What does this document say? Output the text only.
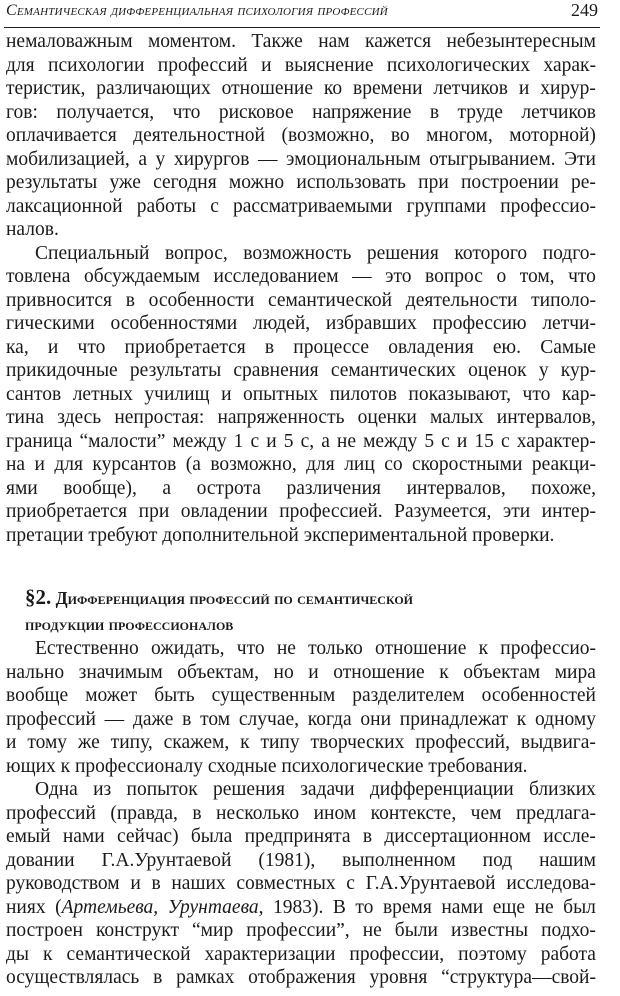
Семантическая дифференциальная психология профессий	249
немаловажным моментом. Также нам кажется небезынтересным
для психологии профессий и выяснение психологических харак-
теристик, различающих отношение ко времени летчиков и хирур-
гов: получается, что рисковое напряжение в труде летчиков
оплачивается деятельностной (возможно, во многом, моторной)
мобилизацией, а у хирургов — эмоциональным отыгрыванием. Эти
результаты уже сегодня можно использовать при построении ре-
лаксационной работы с рассматриваемыми группами профессио-
налов.
Специальный вопрос, возможность решения которого подго-
товлена обсуждаемым исследованием — это вопрос о том, что
привносится в особенности семантической деятельности типоло-
гическими особенностями людей, избравших профессию летчи-
ка, и что приобретается в процессе овладения ею. Самые
прикидочные результаты сравнения семантических оценок у кур-
сантов летных училищ и опытных пилотов показывают, что кар-
тина здесь непростая: напряженность оценки малых интервалов,
граница “малости” между 1 с и 5 с, а не между 5 с и 15 с характер-
на и для курсантов (а возможно, для лиц со скоростными реакци-
ями вообще), а острота различения интервалов, похоже,
приобретается при овладении профессией. Разумеется, эти интер-
претации требуют дополнительной экспериментальной проверки.
§2. Дифференциация профессий по семантической
продукции профессионалов
Естественно ожидать, что не только отношение к профессио-
нально значимым объектам, но и отношение к объектам мира
вообще может быть существенным разделителем особенностей
профессий — даже в том случае, когда они принадлежат к одному
и тому же типу, скажем, к типу творческих профессий, выдвига-
ющих к профессионалу сходные психологические требования.
Одна из попыток решения задачи дифференциации близких
профессий (правда, в несколько ином контексте, чем предлага-
емый нами сейчас) была предпринята в диссертационном иссле-
довании Г.А.Урунтаевой (1981), выполненном под нашим
руководством и в наших совместных с Г.А.Урунтаевой исследова-
ниях (Артемьева, Урунтаева, 1983). В то время нами еще не был
построен конструкт “мир профессии”, не были известны подхо-
ды к семантической характеризации профессии, поэтому работа
осуществлялась в рамках отображения уровня “структура—свой-
